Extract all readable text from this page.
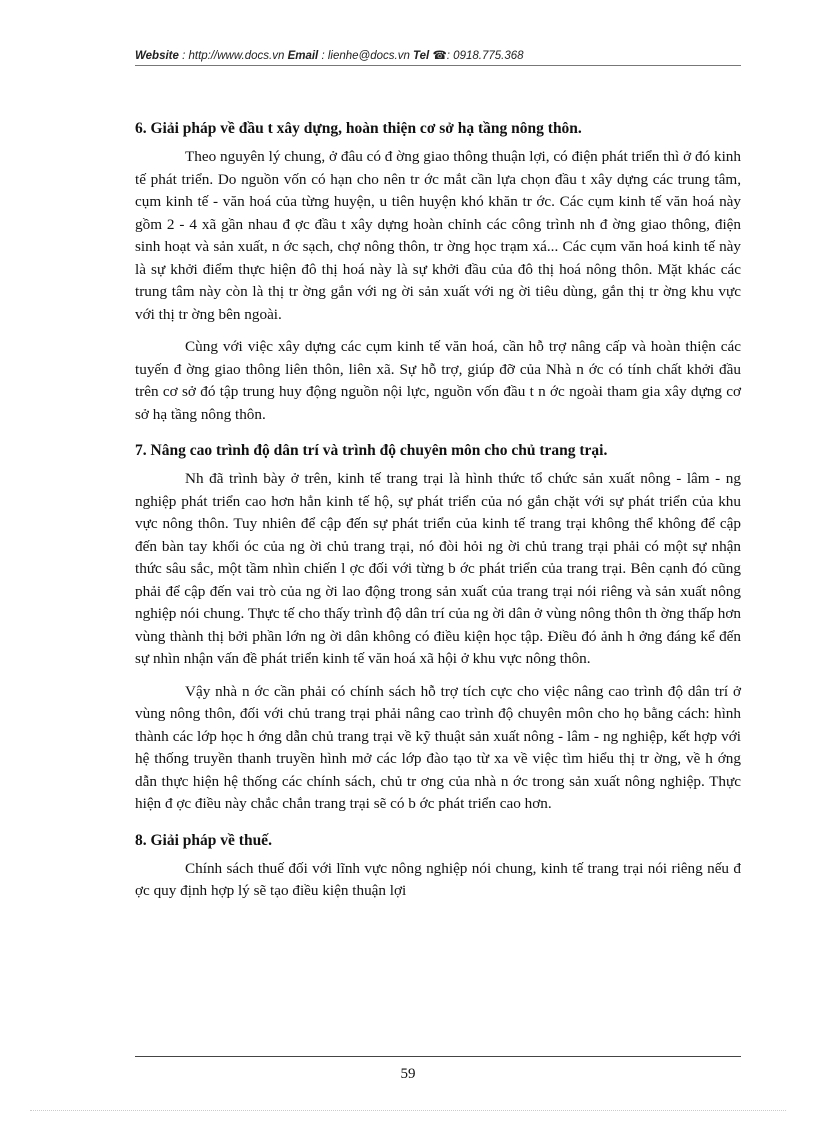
Website : http://www.docs.vn Email : lienhe@docs.vn Tel ☎: 0918.775.368
6. Giải pháp về đầu t xây dựng, hoàn thiện cơ sở hạ tầng nông thôn.

Theo nguyên lý chung, ở đâu có đ ờng giao thông thuận lợi, có điện phát triển thì ở đó kinh tế phát triển. Do nguồn vốn có hạn cho nên tr ớc mắt cần lựa chọn đầu t xây dựng các trung tâm, cụm kinh tế - văn hoá của từng huyện, u tiên huyện khó khăn tr ớc. Các cụm kinh tế văn hoá này gồm 2 - 4 xã gần nhau đ ợc đầu t xây dựng hoàn chỉnh các công trình nh đ ờng giao thông, điện sinh hoạt và sản xuất, n ớc sạch, chợ nông thôn, tr ờng học trạm xá... Các cụm văn hoá kinh tế này là sự khởi điểm thực hiện đô thị hoá này là sự khởi đầu của đô thị hoá nông thôn. Mặt khác các trung tâm này còn là thị tr ờng gắn với ng ời sản xuất với ng ời tiêu dùng, gắn thị tr ờng khu vực với thị tr ờng bên ngoài.

Cùng với việc xây dựng các cụm kinh tế văn hoá, cần hỗ trợ nâng cấp và hoàn thiện các tuyến đ ờng giao thông liên thôn, liên xã. Sự hỗ trợ, giúp đỡ của Nhà n ớc có tính chất khởi đầu trên cơ sở đó tập trung huy động nguồn nội lực, nguồn vốn đầu t n ớc ngoài tham gia xây dựng cơ sở hạ tầng nông thôn.

7. Nâng cao trình độ dân trí và trình độ chuyên môn cho chủ trang trại.

Nh đã trình bày ở trên, kinh tế trang trại là hình thức tổ chức sản xuất nông - lâm - ng nghiệp phát triển cao hơn hẳn kinh tế hộ, sự phát triển của nó gắn chặt với sự phát triển của khu vực nông thôn. Tuy nhiên để cập đến sự phát triển của kinh tế trang trại không thể không để cập đến bàn tay khối óc của ng ời chủ trang trại, nó đòi hỏi ng ời chủ trang trại phải có một sự nhận thức sâu sắc, một tầm nhìn chiến l ợc đối với từng b ớc phát triển của trang trại. Bên cạnh đó cũng phải để cập đến vai trò của ng ời lao động trong sản xuất của trang trại nói riêng và sản xuất nông nghiệp nói chung. Thực tế cho thấy trình độ dân trí của ng ời dân ở vùng nông thôn th ờng thấp hơn vùng thành thị bởi phần lớn ng ời dân không có điều kiện học tập. Điều đó ảnh h ởng đáng kể đến sự nhìn nhận vấn đề phát triển kinh tế văn hoá xã hội ở khu vực nông thôn.

Vậy nhà n ớc cần phải có chính sách hỗ trợ tích cực cho việc nâng cao trình độ dân trí ở vùng nông thôn, đối với chủ trang trại phải nâng cao trình độ chuyên môn cho họ bằng cách: hình thành các lớp học h ớng dẫn chủ trang trại về kỹ thuật sản xuất nông - lâm - ng nghiệp, kết hợp với hệ thống truyền thanh truyền hình mở các lớp đào tạo từ xa về việc tìm hiểu thị tr ờng, về h ớng dẫn thực hiện hệ thống các chính sách, chủ tr ơng của nhà n ớc trong sản xuất nông nghiệp. Thực hiện đ ợc điều này chắc chắn trang trại sẽ có b ớc phát triển cao hơn.

8. Giải pháp về thuế.

Chính sách thuế đối với lĩnh vực nông nghiệp nói chung, kinh tế trang trại nói riêng nếu đ ợc quy định hợp lý sẽ tạo điều kiện thuận lợi

59
